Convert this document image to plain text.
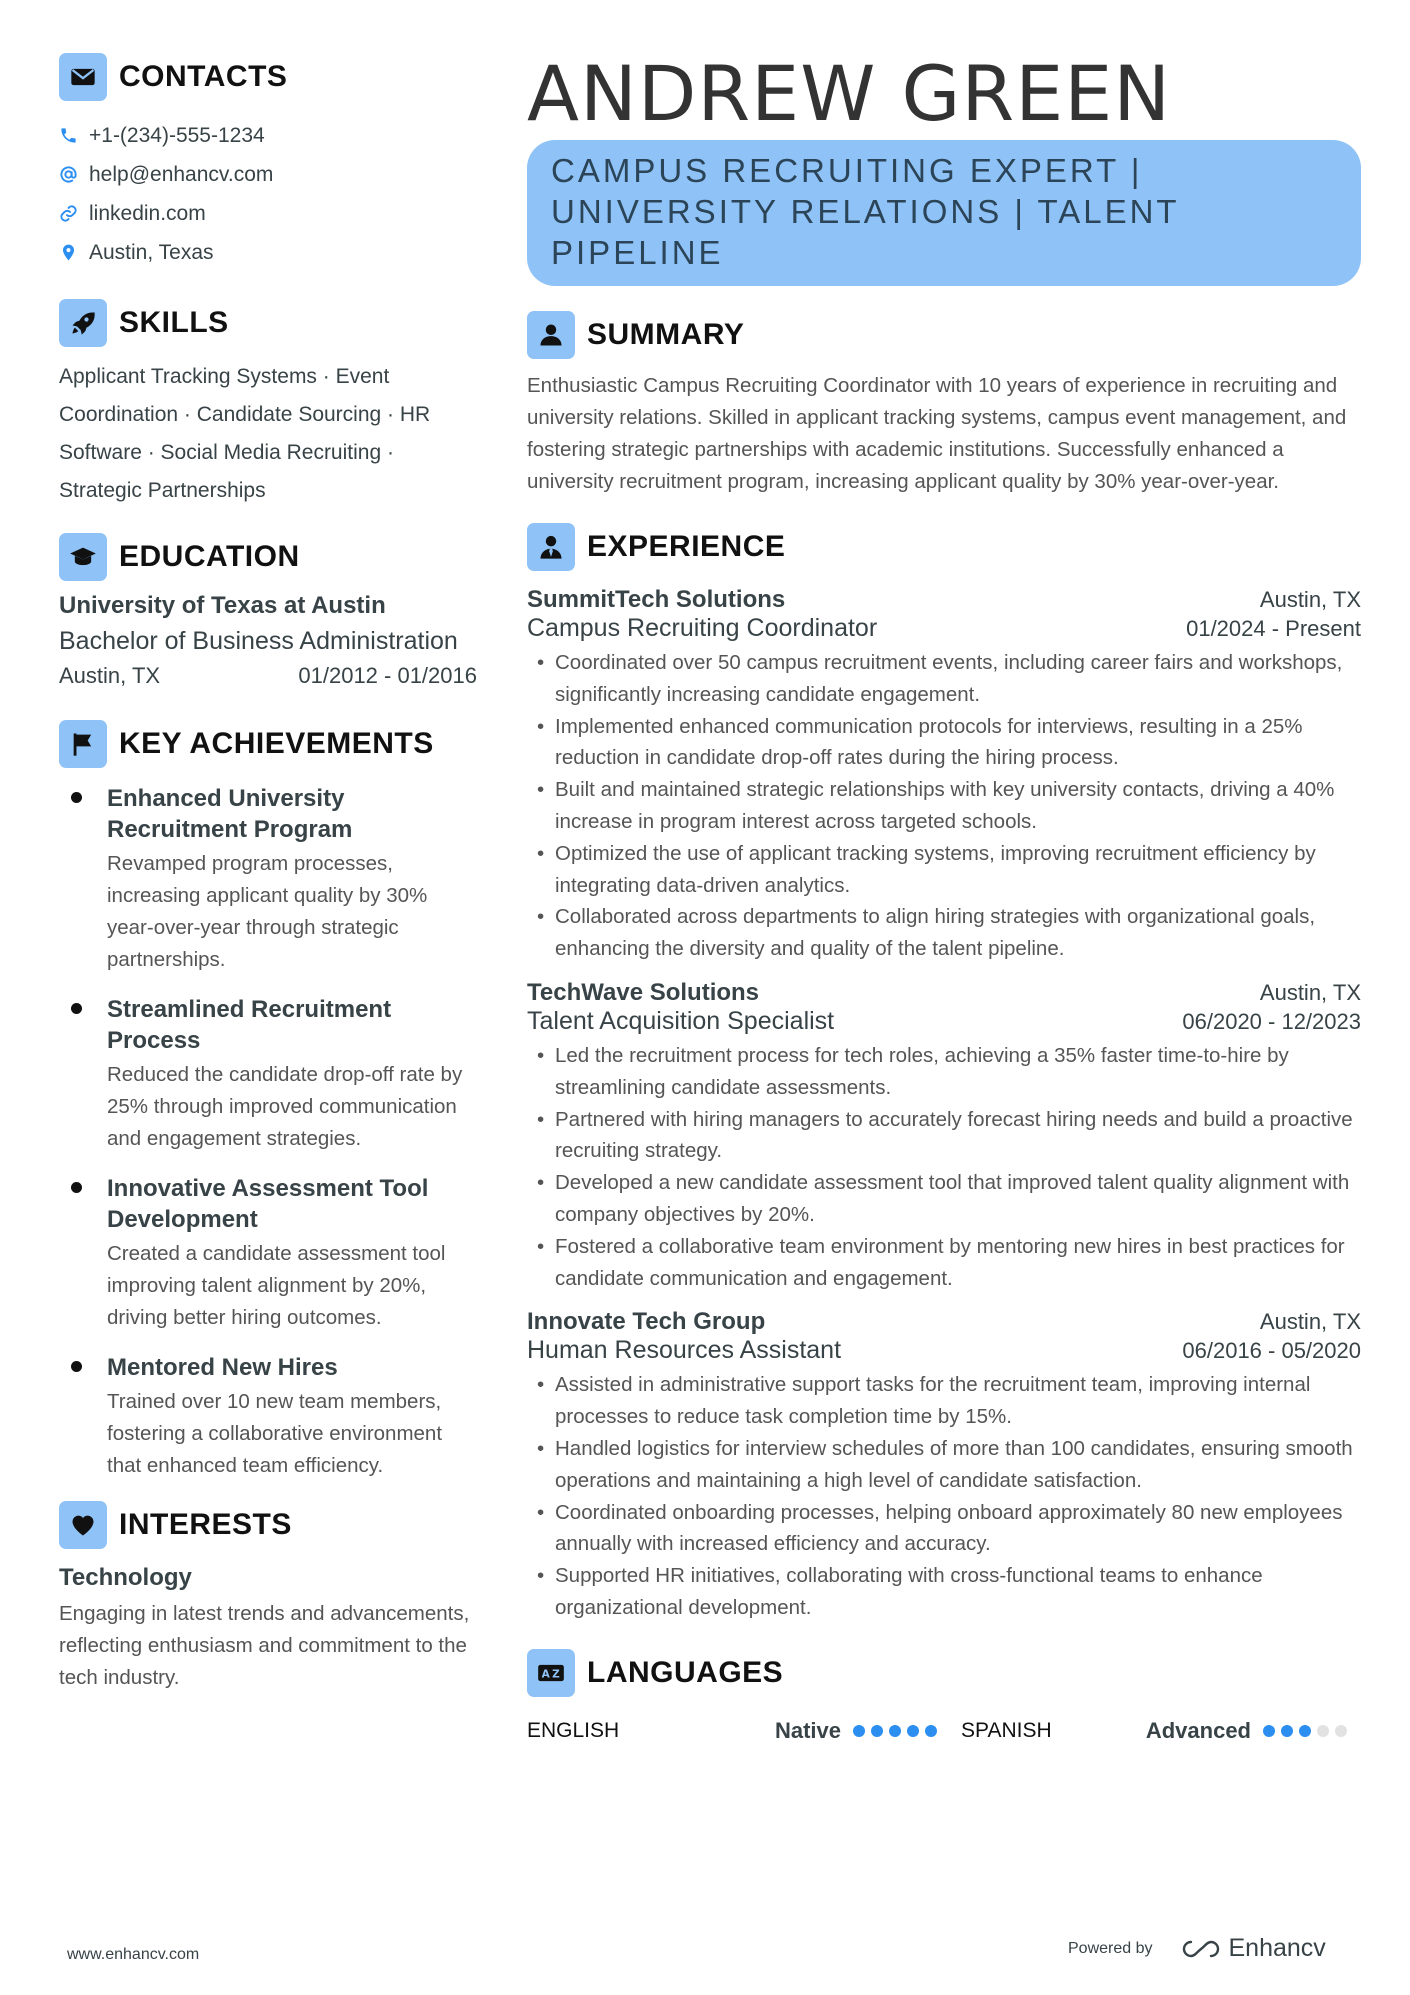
CONTACTS
+1-(234)-555-1234
help@enhancv.com
linkedin.com
Austin, Texas
SKILLS
Applicant Tracking Systems · Event Coordination · Candidate Sourcing · HR Software · Social Media Recruiting · Strategic Partnerships
EDUCATION
University of Texas at Austin
Bachelor of Business Administration
Austin, TX	01/2012 - 01/2016
KEY ACHIEVEMENTS
Enhanced University Recruitment Program
Revamped program processes, increasing applicant quality by 30% year-over-year through strategic partnerships.
Streamlined Recruitment Process
Reduced the candidate drop-off rate by 25% through improved communication and engagement strategies.
Innovative Assessment Tool Development
Created a candidate assessment tool improving talent alignment by 20%, driving better hiring outcomes.
Mentored New Hires
Trained over 10 new team members, fostering a collaborative environment that enhanced team efficiency.
INTERESTS
Technology
Engaging in latest trends and advancements, reflecting enthusiasm and commitment to the tech industry.
ANDREW GREEN
CAMPUS RECRUITING EXPERT | UNIVERSITY RELATIONS | TALENT PIPELINE
SUMMARY
Enthusiastic Campus Recruiting Coordinator with 10 years of experience in recruiting and university relations. Skilled in applicant tracking systems, campus event management, and fostering strategic partnerships with academic institutions. Successfully enhanced a university recruitment program, increasing applicant quality by 30% year-over-year.
EXPERIENCE
SummitTech Solutions	Austin, TX
Campus Recruiting Coordinator	01/2024 - Present
• Coordinated over 50 campus recruitment events, including career fairs and workshops, significantly increasing candidate engagement.
• Implemented enhanced communication protocols for interviews, resulting in a 25% reduction in candidate drop-off rates during the hiring process.
• Built and maintained strategic relationships with key university contacts, driving a 40% increase in program interest across targeted schools.
• Optimized the use of applicant tracking systems, improving recruitment efficiency by integrating data-driven analytics.
• Collaborated across departments to align hiring strategies with organizational goals, enhancing the diversity and quality of the talent pipeline.
TechWave Solutions	Austin, TX
Talent Acquisition Specialist	06/2020 - 12/2023
• Led the recruitment process for tech roles, achieving a 35% faster time-to-hire by streamlining candidate assessments.
• Partnered with hiring managers to accurately forecast hiring needs and build a proactive recruiting strategy.
• Developed a new candidate assessment tool that improved talent quality alignment with company objectives by 20%.
• Fostered a collaborative team environment by mentoring new hires in best practices for candidate communication and engagement.
Innovate Tech Group	Austin, TX
Human Resources Assistant	06/2016 - 05/2020
• Assisted in administrative support tasks for the recruitment team, improving internal processes to reduce task completion time by 15%.
• Handled logistics for interview schedules of more than 100 candidates, ensuring smooth operations and maintaining a high level of candidate satisfaction.
• Coordinated onboarding processes, helping onboard approximately 80 new employees annually with increased efficiency and accuracy.
• Supported HR initiatives, collaborating with cross-functional teams to enhance organizational development.
A Z LANGUAGES
ENGLISH	Native	SPANISH	Advanced
www.enhancv.com	Powered by	Enhancv
